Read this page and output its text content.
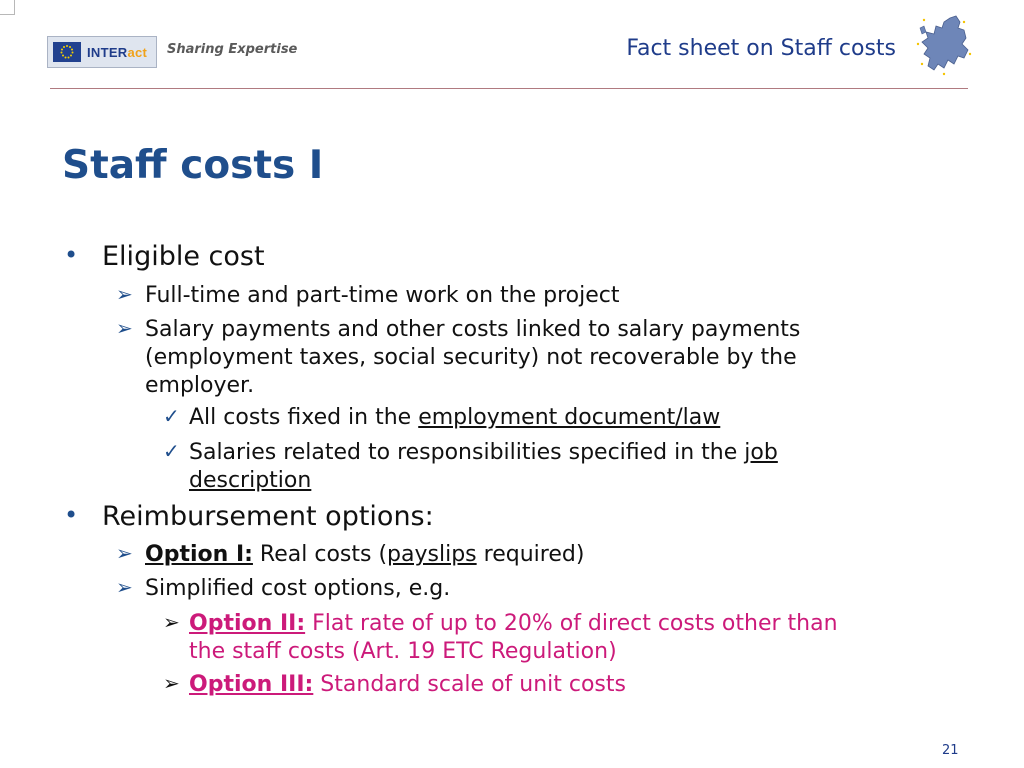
INTERact Sharing Expertise	Fact sheet on Staff costs
Staff costs I
• Eligible cost
➢ Full-time and part-time work on the project
➢ Salary payments and other costs linked to salary payments
(employment taxes, social security) not recoverable by the
employer.
✓ All costs fixed in the employment document/law
✓ Salaries related to responsibilities specified in the job
description
• Reimbursement options:
➢ Option I: Real costs (payslips required)
➢ Simplified cost options, e.g.
➢ Option II: Flat rate of up to 20% of direct costs other than
the staff costs (Art. 19 ETC Regulation)
➢ Option III: Standard scale of unit costs
21
